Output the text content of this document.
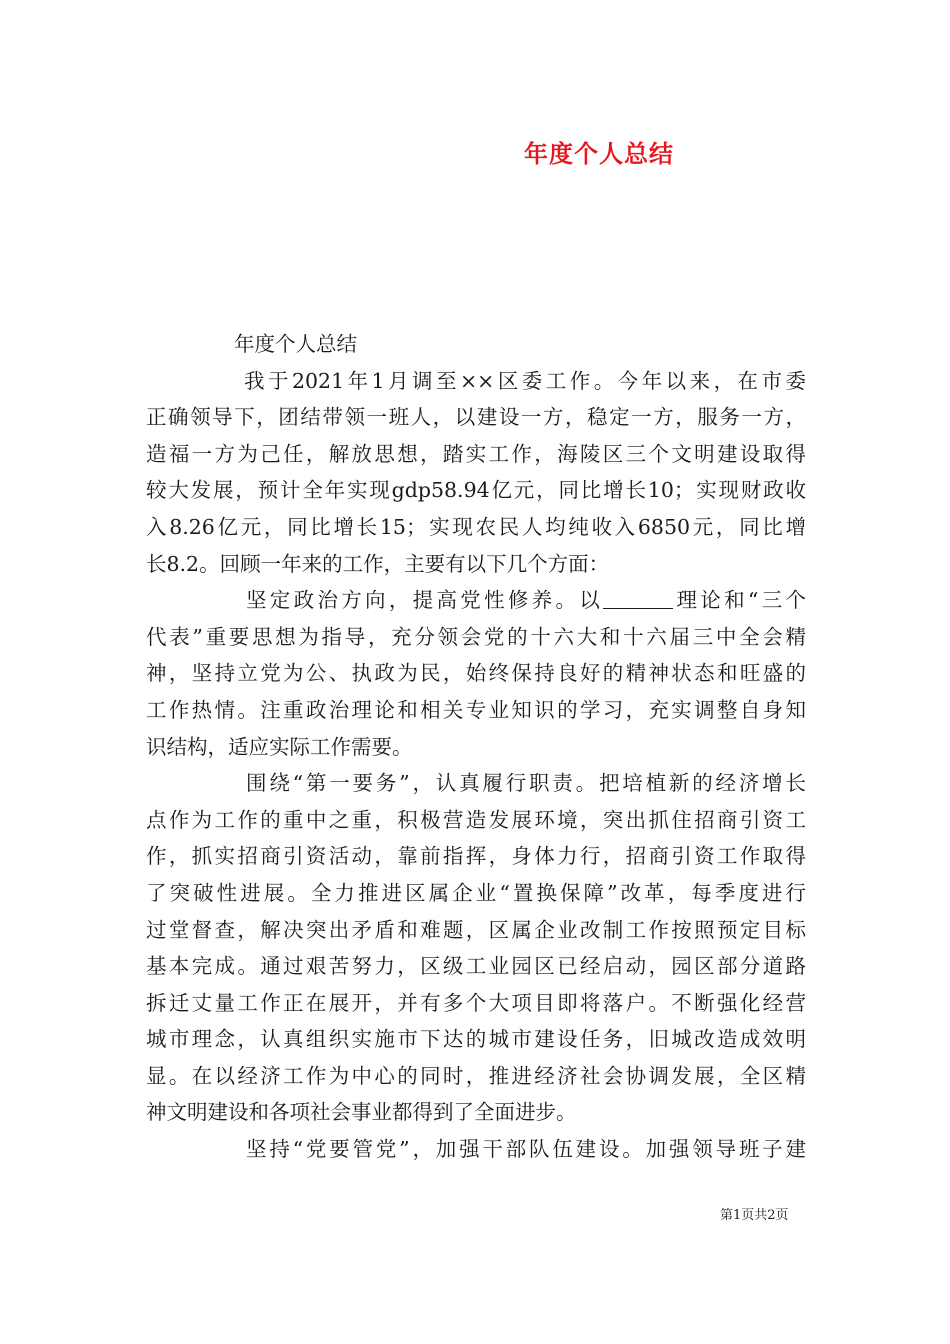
年度个人总结
年度个人总结
我于2021年1月调至××区委工作。今年以来，在市委
正确领导下，团结带领一班人，以建设一方，稳定一方，服务一方，
造福一方为己任，解放思想，踏实工作，海陵区三个文明建设取得
较大发展，预计全年实现gdp58.94亿元，同比增长10；实现财政收
入8.26亿元，同比增长15；实现农民人均纯收入6850元，同比增
长8.2。回顾一年来的工作，主要有以下几个方面：
坚定政治方向，提高党性修养。以	理论和“三个
代表”重要思想为指导，充分领会党的十六大和十六届三中全会精
神，坚持立党为公、执政为民，始终保持良好的精神状态和旺盛的
工作热情。注重政治理论和相关专业知识的学习，充实调整自身知
识结构，适应实际工作需要。
围绕“第一要务”，认真履行职责。把培植新的经济增长
点作为工作的重中之重，积极营造发展环境，突出抓住招商引资工
作，抓实招商引资活动，靠前指挥，身体力行，招商引资工作取得
了突破性进展。全力推进区属企业“置换保障”改革，每季度进行
过堂督查，解决突出矛盾和难题，区属企业改制工作按照预定目标
基本完成。通过艰苦努力，区级工业园区已经启动，园区部分道路
拆迁丈量工作正在展开，并有多个大项目即将落户。不断强化经营
城市理念，认真组织实施市下达的城市建设任务，旧城改造成效明
显。在以经济工作为中心的同时，推进经济社会协调发展，全区精
神文明建设和各项社会事业都得到了全面进步。
坚持“党要管党”，加强干部队伍建设。加强领导班子建
第1页共2页
